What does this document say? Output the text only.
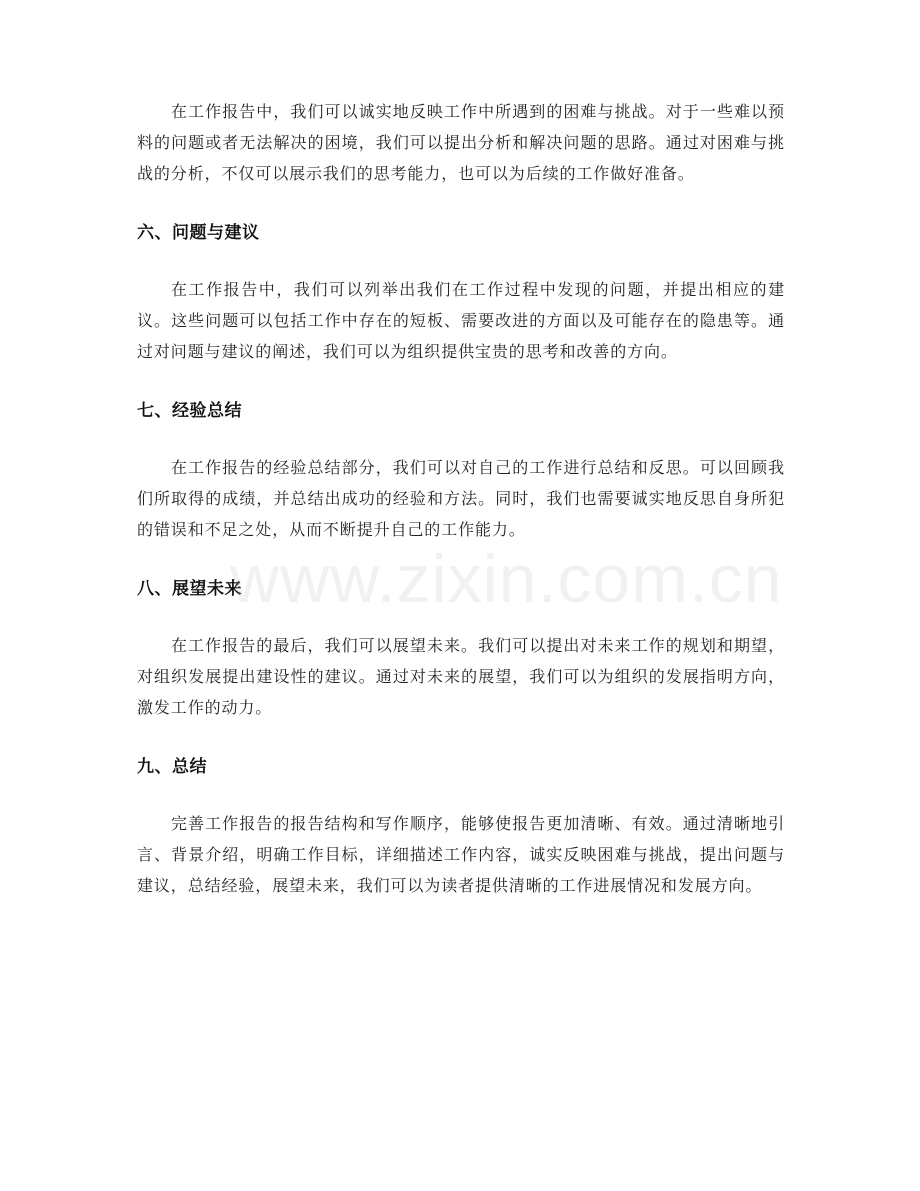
在工作报告中，我们可以诚实地反映工作中所遇到的困难与挑战。对于一些难以预料的问题或者无法解决的困境，我们可以提出分析和解决问题的思路。通过对困难与挑战的分析，不仅可以展示我们的思考能力，也可以为后续的工作做好准备。

六、问题与建议

在工作报告中，我们可以列举出我们在工作过程中发现的问题，并提出相应的建议。这些问题可以包括工作中存在的短板、需要改进的方面以及可能存在的隐患等。通过对问题与建议的阐述，我们可以为组织提供宝贵的思考和改善的方向。

七、经验总结

在工作报告的经验总结部分，我们可以对自己的工作进行总结和反思。可以回顾我们所取得的成绩，并总结出成功的经验和方法。同时，我们也需要诚实地反思自身所犯的错误和不足之处，从而不断提升自己的工作能力。

八、展望未来

在工作报告的最后，我们可以展望未来。我们可以提出对未来工作的规划和期望，对组织发展提出建设性的建议。通过对未来的展望，我们可以为组织的发展指明方向，激发工作的动力。

九、总结

完善工作报告的报告结构和写作顺序，能够使报告更加清晰、有效。通过清晰地引言、背景介绍，明确工作目标，详细描述工作内容，诚实反映困难与挑战，提出问题与建议，总结经验，展望未来，我们可以为读者提供清晰的工作进展情况和发展方向。

www.zixin.com.cn
